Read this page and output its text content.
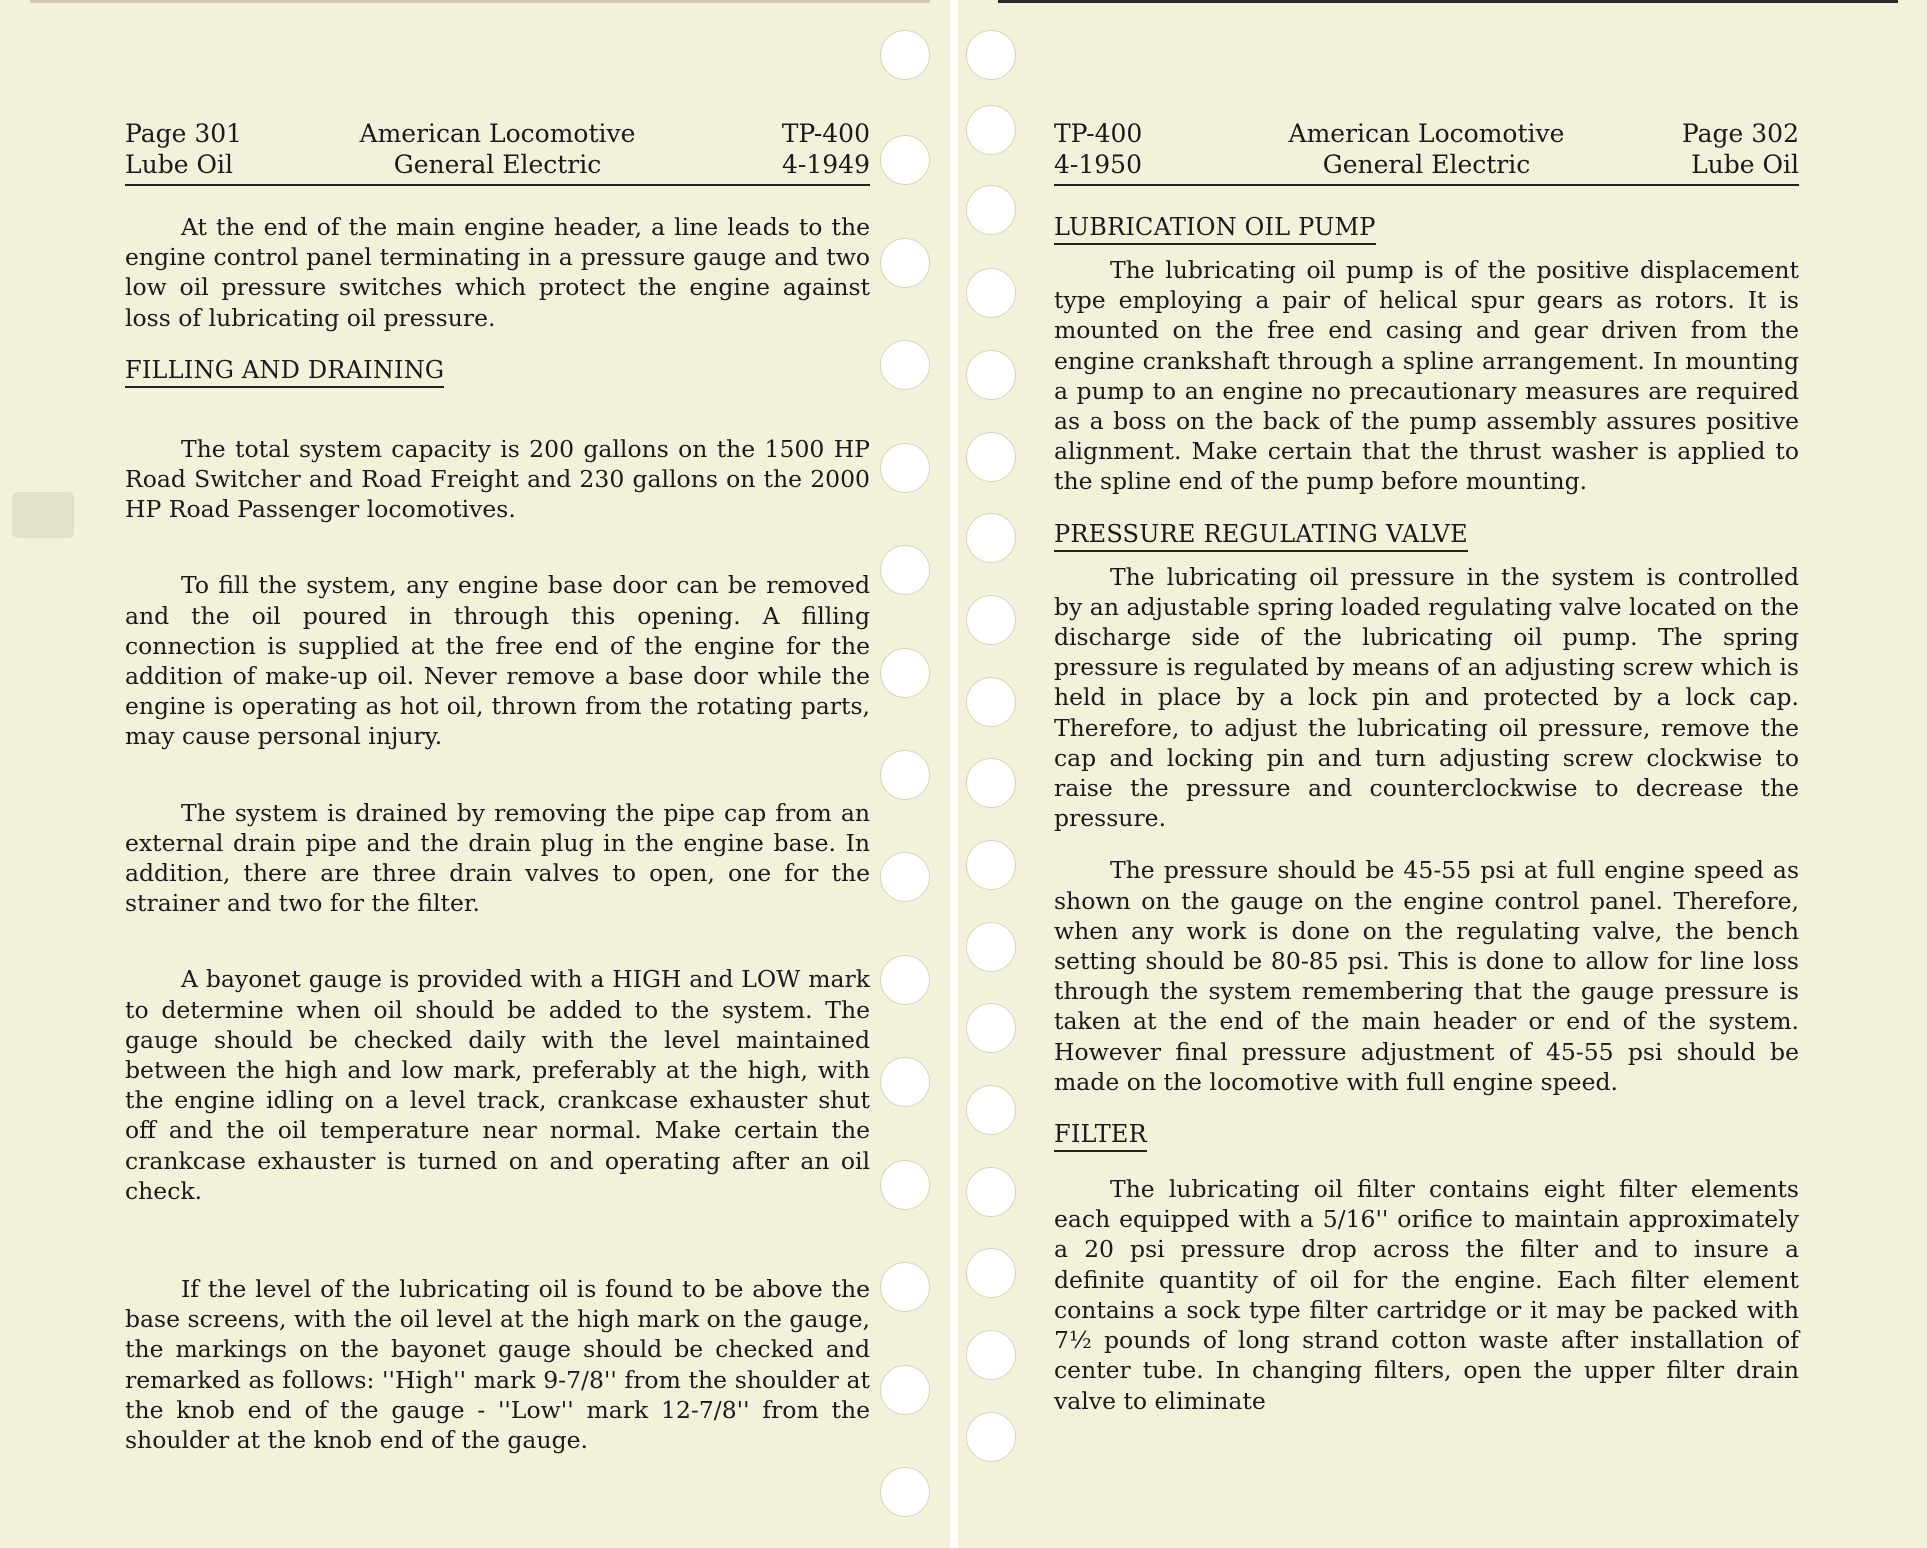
Page 301
Lube Oil
American Locomotive
General Electric
TP-400
4-1949

At the end of the main engine header, a line leads to the engine control panel terminating in a pressure gauge and two low oil pressure switches which protect the engine against loss of lubricating oil pressure.

FILLING AND DRAINING

The total system capacity is 200 gallons on the 1500 HP Road Switcher and Road Freight and 230 gallons on the 2000 HP Road Passenger locomotives.

To fill the system, any engine base door can be removed and the oil poured in through this opening. A filling connection is supplied at the free end of the engine for the addition of make-up oil. Never remove a base door while the engine is operating as hot oil, thrown from the rotating parts, may cause personal injury.

The system is drained by removing the pipe cap from an external drain pipe and the drain plug in the engine base. In addition, there are three drain valves to open, one for the strainer and two for the filter.

A bayonet gauge is provided with a HIGH and LOW mark to determine when oil should be added to the system. The gauge should be checked daily with the level maintained between the high and low mark, preferably at the high, with the engine idling on a level track, crankcase exhauster shut off and the oil temperature near normal. Make certain the crankcase exhauster is turned on and operating after an oil check.

If the level of the lubricating oil is found to be above the base screens, with the oil level at the high mark on the gauge, the markings on the bayonet gauge should be checked and remarked as follows: ''High'' mark 9-7/8'' from the shoulder at the knob end of the gauge - ''Low'' mark 12-7/8'' from the shoulder at the knob end of the gauge.

TP-400
4-1950
American Locomotive
General Electric
Page 302
Lube Oil
LUBRICATION OIL PUMP

The lubricating oil pump is of the positive displacement type employing a pair of helical spur gears as rotors. It is mounted on the free end casing and gear driven from the engine crankshaft through a spline arrangement. In mounting a pump to an engine no precautionary measures are required as a boss on the back of the pump assembly assures positive alignment. Make certain that the thrust washer is applied to the spline end of the pump before mounting.

PRESSURE REGULATING VALVE

The lubricating oil pressure in the system is controlled by an adjustable spring loaded regulating valve located on the discharge side of the lubricating oil pump. The spring pressure is regulated by means of an adjusting screw which is held in place by a lock pin and protected by a lock cap. Therefore, to adjust the lubricating oil pressure, remove the cap and locking pin and turn adjusting screw clockwise to raise the pressure and counterclockwise to decrease the pressure.

The pressure should be 45-55 psi at full engine speed as shown on the gauge on the engine control panel. Therefore, when any work is done on the regulating valve, the bench setting should be 80-85 psi. This is done to allow for line loss through the system remembering that the gauge pressure is taken at the end of the main header or end of the system. However final pressure adjustment of 45-55 psi should be made on the locomotive with full engine speed.

FILTER

The lubricating oil filter contains eight filter elements each equipped with a 5/16'' orifice to maintain approximately a 20 psi pressure drop across the filter and to insure a definite quantity of oil for the engine. Each filter element contains a sock type filter cartridge or it may be packed with 7½ pounds of long strand cotton waste after installation of center tube. In changing filters, open the upper filter drain valve to eliminate
